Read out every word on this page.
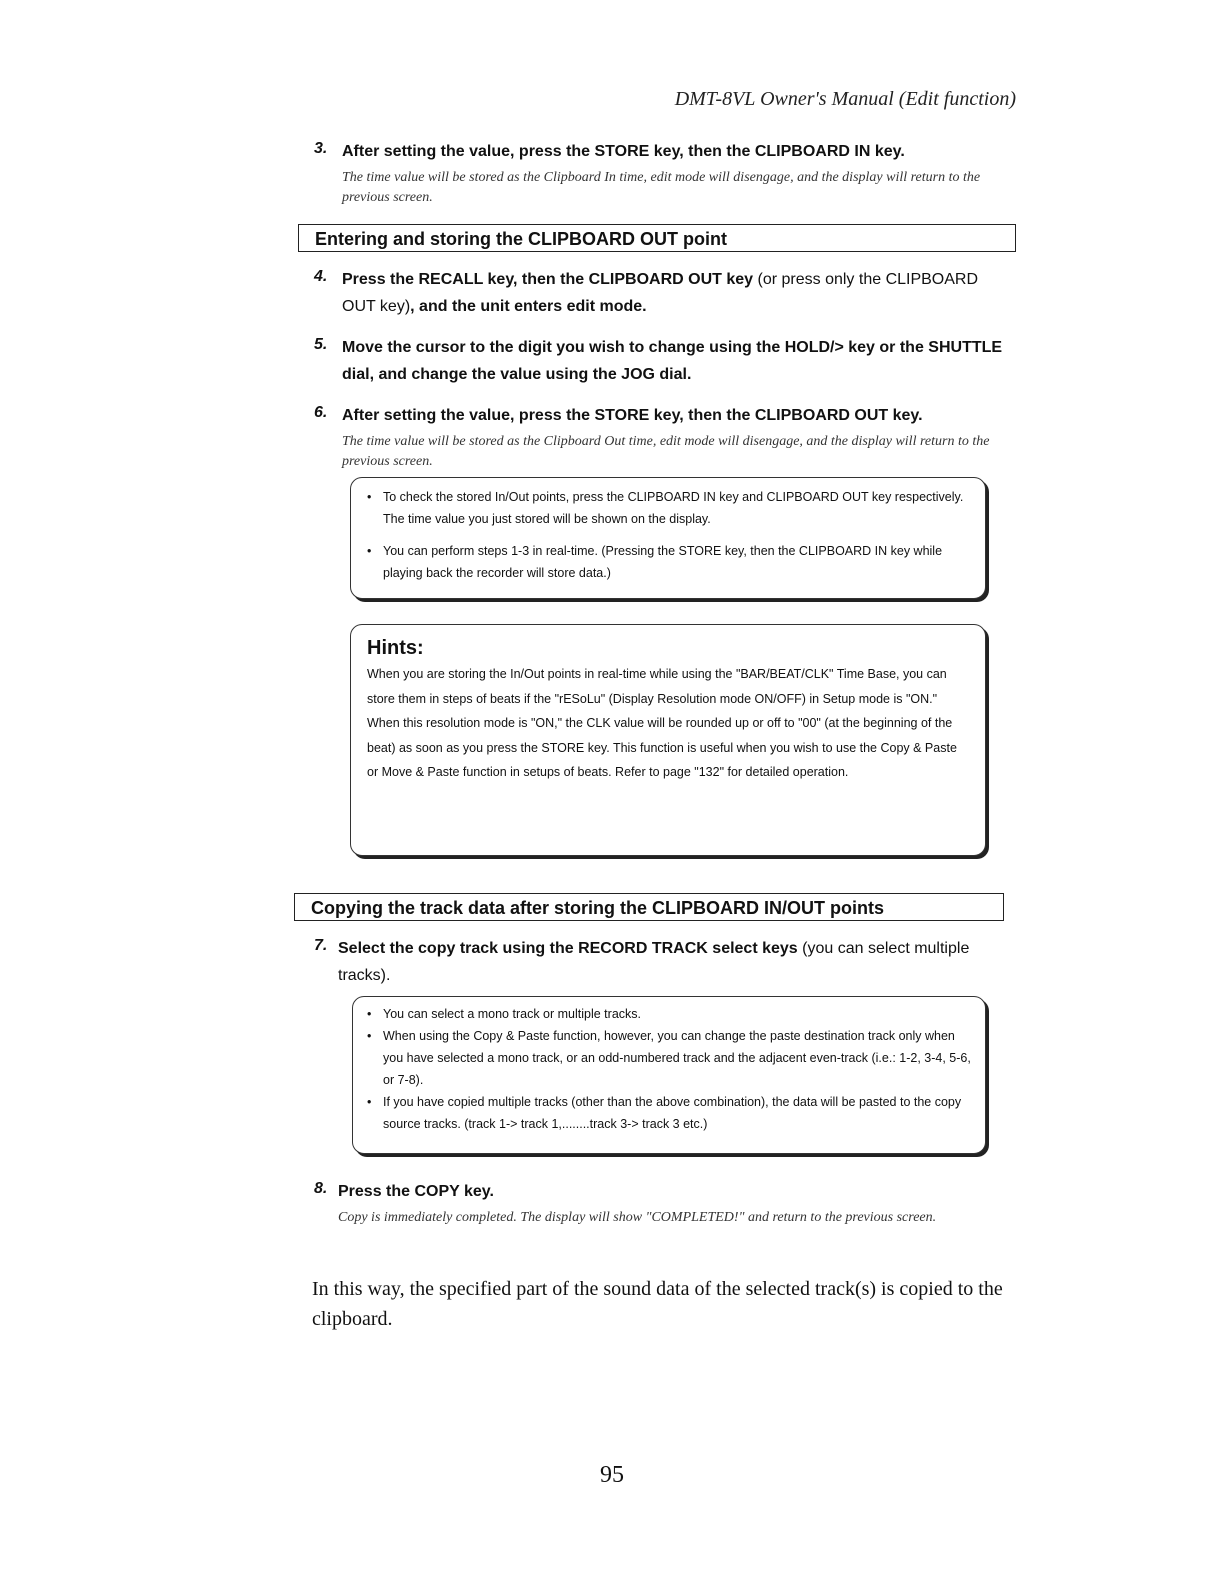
DMT-8VL Owner's Manual (Edit function)
3. After setting the value, press the STORE key, then the CLIPBOARD IN key.
The time value will be stored as the Clipboard In time, edit mode will disengage, and the display will return to the previous screen.
Entering and storing the CLIPBOARD OUT point
4. Press the RECALL key, then the CLIPBOARD OUT key (or press only the CLIPBOARD OUT key), and the unit enters edit mode.
5. Move the cursor to the digit you wish to change using the HOLD/> key or the SHUTTLE dial, and change the value using the JOG dial.
6. After setting the value, press the STORE key, then the CLIPBOARD OUT key.
The time value will be stored as the Clipboard Out time, edit mode will disengage, and the display will return to the previous screen.
• To check the stored In/Out points, press the CLIPBOARD IN key and CLIPBOARD OUT key respectively. The time value you just stored will be shown on the display.
• You can perform steps 1-3 in real-time. (Pressing the STORE key, then the CLIPBOARD IN key while playing back the recorder will store data.)
Hints:

When you are storing the In/Out points in real-time while using the "BAR/BEAT/CLK" Time Base, you can store them in steps of beats if the "rESoLu" (Display Resolution mode ON/OFF) in Setup mode is "ON."

When this resolution mode is "ON," the CLK value will be rounded up or off to "00" (at the beginning of the beat) as soon as you press the STORE key. This function is useful when you wish to use the Copy & Paste or Move & Paste function in setups of beats. Refer to page "132" for detailed operation.

Copying the track data after storing the CLIPBOARD IN/OUT points
7. Select the copy track using the RECORD TRACK select keys (you can select multiple tracks).
• You can select a mono track or multiple tracks.
• When using the Copy & Paste function, however, you can change the paste destination track only when you have selected a mono track, or an odd-numbered track and the adjacent even-track (i.e.: 1-2, 3-4, 5-6, or 7-8).
• If you have copied multiple tracks (other than the above combination), the data will be pasted to the copy source tracks. (track 1-> track 1,........track 3-> track 3 etc.)
8. Press the COPY key.
Copy is immediately completed. The display will show "COMPLETED!" and return to the previous screen.
In this way, the specified part of the sound data of the selected track(s) is copied to the clipboard.
95
